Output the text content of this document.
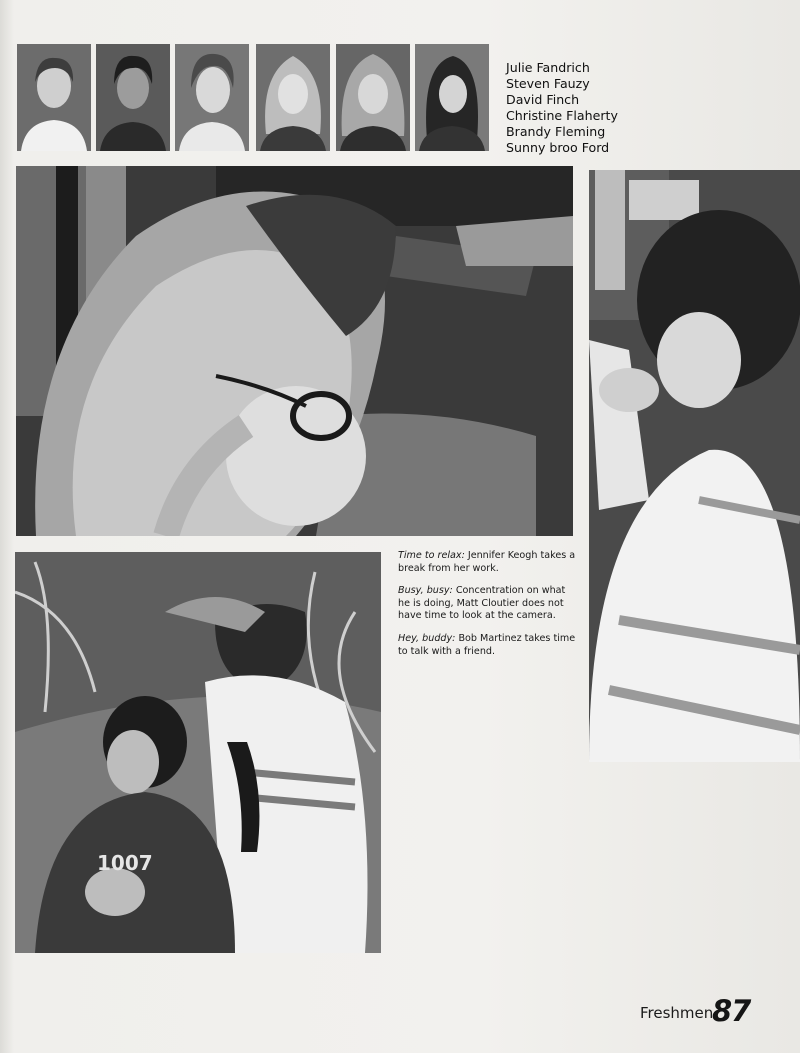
Julie Fandrich
Steven Fauzy
David Finch
Christine Flaherty
Brandy Fleming
Sunny broo Ford
1007

Time to relax: Jennifer Keogh takes a break from her work.

Busy, busy: Concentration on what he is doing, Matt Cloutier does not have time to look at the camera.

Hey, buddy: Bob Martinez takes time to talk with a friend.

Freshmen
87
